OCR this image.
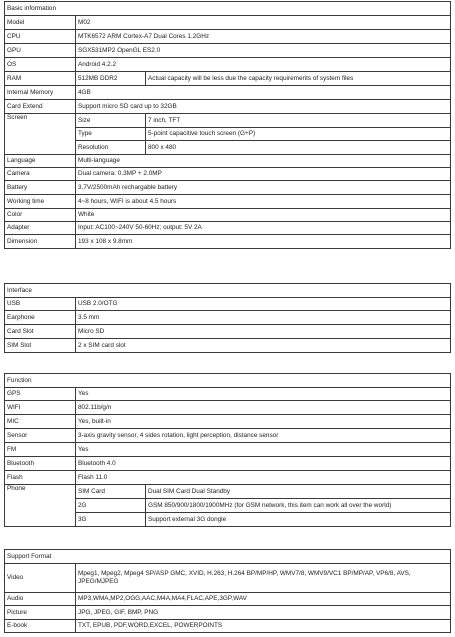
Basic information		
Model	M02	
CPU	MTK6572 ARM Cortex-A7 Dual Cores 1.2GHz	
GPU	SGX531MP2 OpenGL ES2.0	
OS	Android 4.2.2	
RAM	512MB DDR2	Actual capacity will be less due the capacity requirements of system files
Internal Memory	4GB	
Card Extend	Support micro SD card up to 32GB	
Screen	Size	7 inch, TFT
	Type	5-point capacitive touch screen (G+P)
	Resolution	800 x 480
Language	Multi-language	
Camera	Dual camera: 0.3MP + 2.0MP	
Battery	3.7V/2500mAh rechargable battery	
Working time	4~8 hours, WIFI is about 4.5 hours	
Color	White	
Adapter	Input: AC100~240V 50-60Hz; output: 5V 2A	
Dimension	193 x 108 x 9.8mm	
Interface	
USB	USB 2.0/OTG
Earphone	3.5 mm
Card Slot	Micro SD
SIM Slot	2 x SIM card slot
Function		
GPS	Yes	
WIFI	802.11b/g/n	
MIC	Yes, built-in	
Sensor	3-axis gravity sensor, 4 sides rotation, light perception, distance sensor	
FM	Yes	
Bluetooth	Bluetooth 4.0	
Flash	Flash 11.0	
Phone	SIM Card	Dual SIM Card Dual Standby
	2G	GSM 850/900/1800/1900MHz (for GSM network, this item can work all over the world)
	3G	Support external 3G dongle
Support Format	
Video	Mpeg1, Mpeg2, Mpeg4 SP/ASP GMC, XVID, H.263, H.264 BP/MP/HP, WMV7/8, WMV9/VC1 BP/MP/AP, VP6/8, AVS, JPEG/MJPEG
Audio	MP3,WMA,MP2,OGG,AAC,M4A,MA4,FLAC,APE,3GP,WAV
Picture	JPG, JPEG, GIF, BMP, PNG
E-book	TXT, EPUB, PDF,WORD,EXCEL, POWERPOINTS
